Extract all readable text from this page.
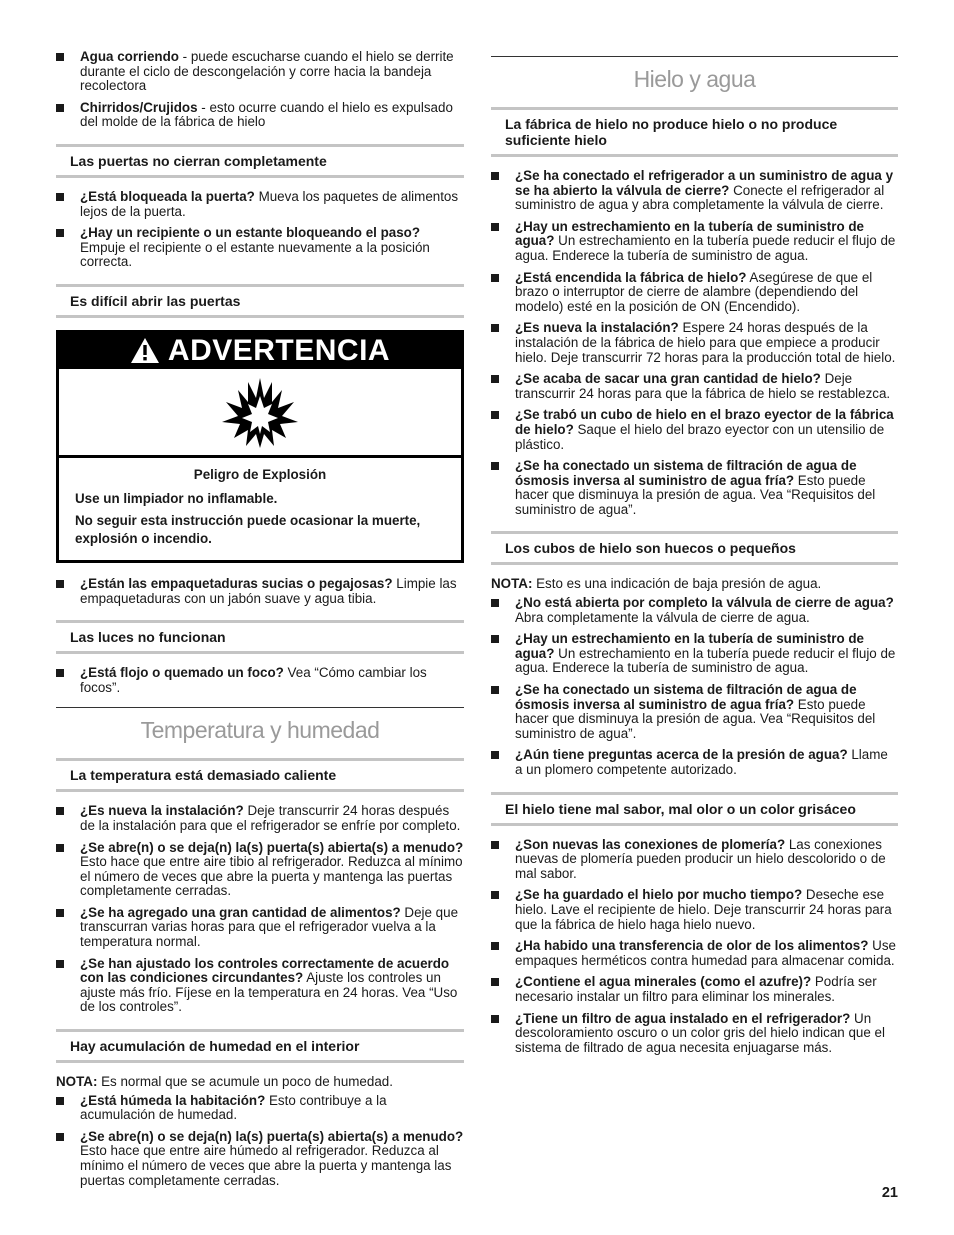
Agua corriendo - puede escucharse cuando el hielo se derrite durante el ciclo de descongelación y corre hacia la bandeja recolectora
Chirridos/Crujidos - esto ocurre cuando el hielo es expulsado del molde de la fábrica de hielo
Las puertas no cierran completamente
¿Está bloqueada la puerta? Mueva los paquetes de alimentos lejos de la puerta.
¿Hay un recipiente o un estante bloqueando el paso? Empuje el recipiente o el estante nuevamente a la posición correcta.
Es difícil abrir las puertas
ADVERTENCIA
Peligro de Explosión

Use un limpiador no inflamable.

No seguir esta instrucción puede ocasionar la muerte, explosión o incendio.

¿Están las empaquetaduras sucias o pegajosas? Limpie las empaquetaduras con un jabón suave y agua tibia.
Las luces no funcionan
¿Está flojo o quemado un foco? Vea “Cómo cambiar los focos”.
Temperatura y humedad
La temperatura está demasiado caliente
¿Es nueva la instalación? Deje transcurrir 24 horas después de la instalación para que el refrigerador se enfríe por completo.
¿Se abre(n) o se deja(n) la(s) puerta(s) abierta(s) a menudo? Esto hace que entre aire tibio al refrigerador. Reduzca al mínimo el número de veces que abre la puerta y mantenga las puertas completamente cerradas.
¿Se ha agregado una gran cantidad de alimentos? Deje que transcurran varias horas para que el refrigerador vuelva a la temperatura normal.
¿Se han ajustado los controles correctamente de acuerdo con las condiciones circundantes? Ajuste los controles un ajuste más frío. Fíjese en la temperatura en 24 horas. Vea “Uso de los controles”.
Hay acumulación de humedad en el interior
NOTA: Es normal que se acumule un poco de humedad.
¿Está húmeda la habitación? Esto contribuye a la acumulación de humedad.
¿Se abre(n) o se deja(n) la(s) puerta(s) abierta(s) a menudo? Esto hace que entre aire húmedo al refrigerador. Reduzca al mínimo el número de veces que abre la puerta y mantenga las puertas completamente cerradas.
Hielo y agua
La fábrica de hielo no produce hielo o no produce suficiente hielo
¿Se ha conectado el refrigerador a un suministro de agua y se ha abierto la válvula de cierre? Conecte el refrigerador al suministro de agua y abra completamente la válvula de cierre.
¿Hay un estrechamiento en la tubería de suministro de agua? Un estrechamiento en la tubería puede reducir el flujo de agua. Enderece la tubería de suministro de agua.
¿Está encendida la fábrica de hielo? Asegúrese de que el brazo o interruptor de cierre de alambre (dependiendo del modelo) esté en la posición de ON (Encendido).
¿Es nueva la instalación? Espere 24 horas después de la instalación de la fábrica de hielo para que empiece a producir hielo. Deje transcurrir 72 horas para la producción total de hielo.
¿Se acaba de sacar una gran cantidad de hielo? Deje transcurrir 24 horas para que la fábrica de hielo se restablezca.
¿Se trabó un cubo de hielo en el brazo eyector de la fábrica de hielo? Saque el hielo del brazo eyector con un utensilio de plástico.
¿Se ha conectado un sistema de filtración de agua de ósmosis inversa al suministro de agua fría? Esto puede hacer que disminuya la presión de agua. Vea “Requisitos del suministro de agua”.
Los cubos de hielo son huecos o pequeños
NOTA: Esto es una indicación de baja presión de agua.
¿No está abierta por completo la válvula de cierre de agua? Abra completamente la válvula de cierre de agua.
¿Hay un estrechamiento en la tubería de suministro de agua? Un estrechamiento en la tubería puede reducir el flujo de agua. Enderece la tubería de suministro de agua.
¿Se ha conectado un sistema de filtración de agua de ósmosis inversa al suministro de agua fría? Esto puede hacer que disminuya la presión de agua. Vea “Requisitos del suministro de agua”.
¿Aún tiene preguntas acerca de la presión de agua? Llame a un plomero competente autorizado.
El hielo tiene mal sabor, mal olor o un color grisáceo
¿Son nuevas las conexiones de plomería? Las conexiones nuevas de plomería pueden producir un hielo descolorido o de mal sabor.
¿Se ha guardado el hielo por mucho tiempo? Deseche ese hielo. Lave el recipiente de hielo. Deje transcurrir 24 horas para que la fábrica de hielo haga hielo nuevo.
¿Ha habido una transferencia de olor de los alimentos? Use empaques herméticos contra humedad para almacenar comida.
¿Contiene el agua minerales (como el azufre)? Podría ser necesario instalar un filtro para eliminar los minerales.
¿Tiene un filtro de agua instalado en el refrigerador? Un descoloramiento oscuro o un color gris del hielo indican que el sistema de filtrado de agua necesita enjuagarse más.
21
